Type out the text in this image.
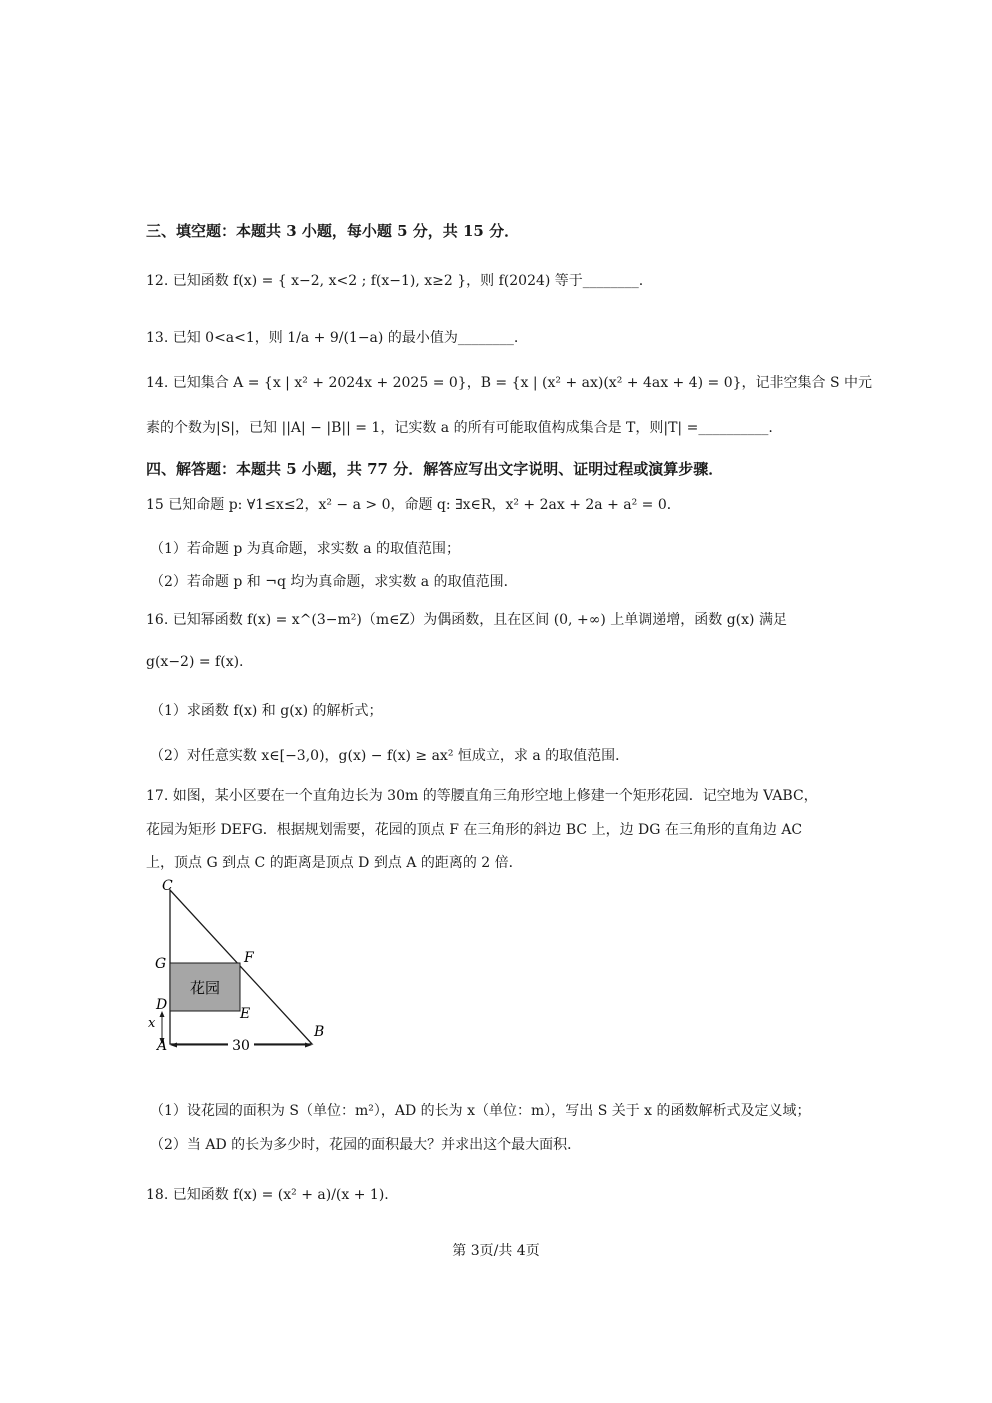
三、填空题：本题共 3 小题，每小题 5 分，共 15 分．
12. 已知函数 f(x) = { x−2, x<2 ; f(x−1), x≥2 }，则 f(2024) 等于________.
13. 已知 0<a<1，则 1/a + 9/(1−a) 的最小值为________.
14. 已知集合 A = {x | x² + 2024x + 2025 = 0}，B = {x | (x² + ax)(x² + 4ax + 4) = 0}，记非空集合 S 中元
素的个数为|S|，已知 ||A| − |B|| = 1，记实数 a 的所有可能取值构成集合是 T，则|T| =__________.
四、解答题：本题共 5 小题，共 77 分．解答应写出文字说明、证明过程或演算步骤．
15 已知命题 p: ∀1≤x≤2，x² − a > 0，命题 q: ∃x∈R，x² + 2ax + 2a + a² = 0．
（1）若命题 p 为真命题，求实数 a 的取值范围；
（2）若命题 p 和 ¬q 均为真命题，求实数 a 的取值范围．
16. 已知幂函数 f(x) = x^(3−m²)（m∈Z）为偶函数，且在区间 (0, +∞) 上单调递增，函数 g(x) 满足
g(x−2) = f(x).
（1）求函数 f(x) 和 g(x) 的解析式；
（2）对任意实数 x∈[−3,0)，g(x) − f(x) ≥ ax² 恒成立，求 a 的取值范围．
17. 如图，某小区要在一个直角边长为 30m 的等腰直角三角形空地上修建一个矩形花园．记空地为 VABC，
花园为矩形 DEFG．根据规划需要，花园的顶点 F 在三角形的斜边 BC 上，边 DG 在三角形的直角边 AC
上，顶点 G 到点 C 的距离是顶点 D 到点 A 的距离的 2 倍．
花园
C
G	F
D
E
B
A
x
30
（1）设花园的面积为 S（单位：m²），AD 的长为 x（单位：m），写出 S 关于 x 的函数解析式及定义域；
（2）当 AD 的长为多少时，花园的面积最大？并求出这个最大面积．
18. 已知函数 f(x) = (x² + a)/(x + 1).
第 3页/共 4页
